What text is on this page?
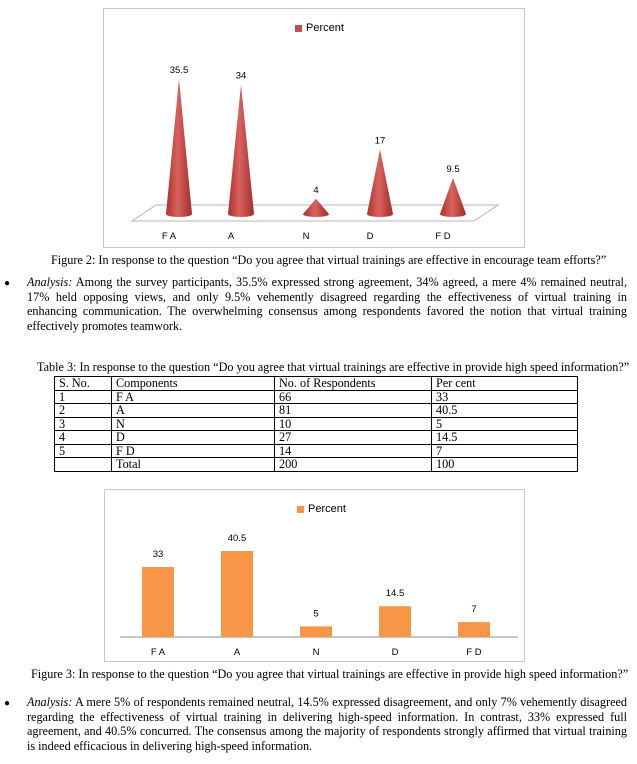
Percent
35.5
F A
34
A
4
N
17
D
9.5
F D
Figure 2: In response to the question “Do you agree that virtual trainings are effective in encourage team efforts?”
● Analysis: Among the survey participants, 35.5% expressed strong agreement, 34% agreed, a mere 4% remained neutral, 17% held opposing views, and only 9.5% vehemently disagreed regarding the effectiveness of virtual training in enhancing communication. The overwhelming consensus among respondents favored the notion that virtual training effectively promotes teamwork.
Table 3: In response to the question “Do you agree that virtual trainings are effective in provide high speed information?”
S. No.	Components	No. of Respondents	Per cent
1	F A	66	33
2	A	81	40.5
3	N	10	5
4	D	27	14.5
5	F D	14	7
	Total	200	100
Percent
33
F A
40.5
A
5
N
14.5
D
7
F D
Figure 3: In response to the question “Do you agree that virtual trainings are effective in provide high speed information?”
● Analysis: A mere 5% of respondents remained neutral, 14.5% expressed disagreement, and only 7% vehemently disagreed regarding the effectiveness of virtual training in delivering high-speed information. In contrast, 33% expressed full agreement, and 40.5% concurred. The consensus among the majority of respondents strongly affirmed that virtual training is indeed efficacious in delivering high-speed information.
